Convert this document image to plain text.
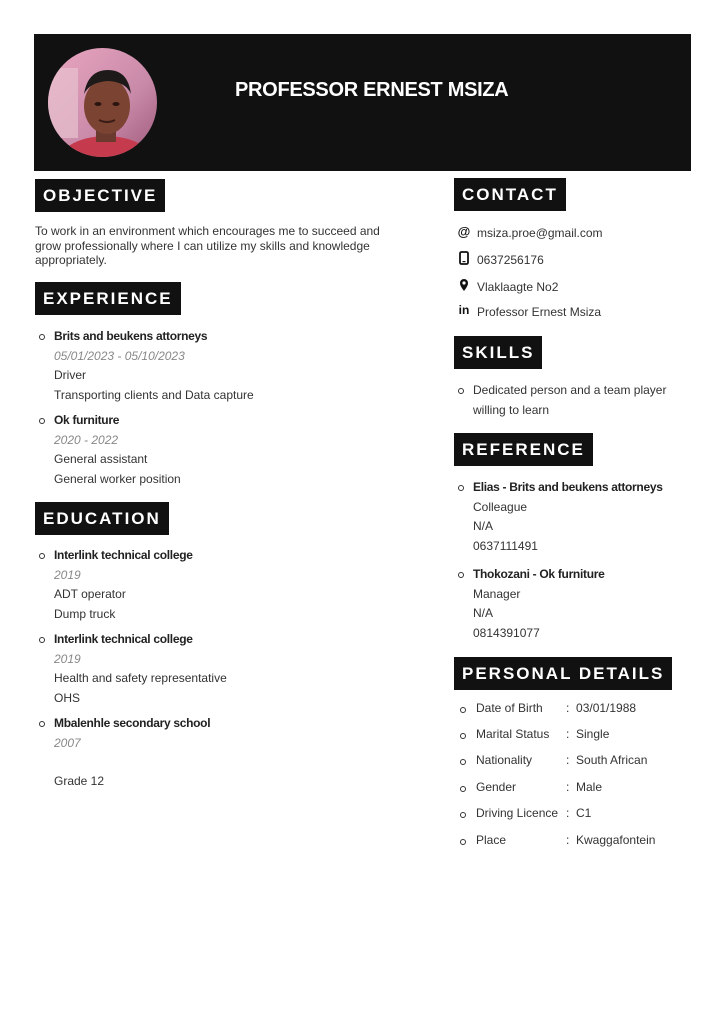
PROFESSOR ERNEST MSIZA
OBJECTIVE
To work in an environment which encourages me to succeed and
grow professionally where I can utilize my skills and knowledge
appropriately.
EXPERIENCE
Brits and beukens attorneys
05/01/2023 - 05/10/2023
Driver
Transporting clients and Data capture
Ok furniture
2020 - 2022
General assistant
General worker position
EDUCATION
Interlink technical college
2019
ADT operator
Dump truck
Interlink technical college
2019
Health and safety representative
OHS
Mbalenhle secondary school
2007
Grade 12
CONTACT
@ msiza.proe@gmail.com
0637256176
Vlaklaagte No2
in Professor Ernest Msiza
SKILLS
Dedicated person and a team player
willing to learn
REFERENCE
Elias - Brits and beukens attorneys
Colleague
N/A
0637111491
Thokozani - Ok furniture
Manager
N/A
0814391077
PERSONAL DETAILS
Date of Birth :  03/01/1988
Marital Status :  Single
Nationality	:  South African
Gender	:  Male
Driving Licence :  C1
Place	:  Kwaggafontein
